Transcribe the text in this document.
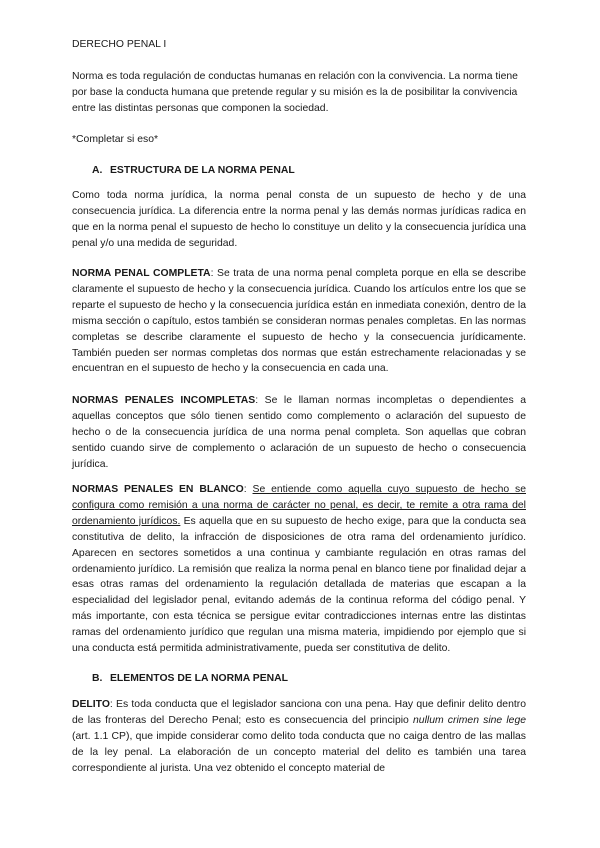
DERECHO PENAL I

Norma es toda regulación de conductas humanas en relación con la convivencia. La norma tiene por base la conducta humana que pretende regular y su misión es la de posibilitar la convivencia entre las distintas personas que componen la sociedad.

*Completar si eso*

A. ESTRUCTURA DE LA NORMA PENAL

Como toda norma jurídica, la norma penal consta de un supuesto de hecho y de una consecuencia jurídica. La diferencia entre la norma penal y las demás normas jurídicas radica en que en la norma penal el supuesto de hecho lo constituye un delito y la consecuencia jurídica una penal y/o una medida de seguridad.

NORMA PENAL COMPLETA: Se trata de una norma penal completa porque en ella se describe claramente el supuesto de hecho y la consecuencia jurídica. Cuando los artículos entre los que se reparte el supuesto de hecho y la consecuencia jurídica están en inmediata conexión, dentro de la misma sección o capítulo, estos también se consideran normas penales completas. En las normas completas se describe claramente el supuesto de hecho y la consecuencia jurídicamente. También pueden ser normas completas dos normas que están estrechamente relacionadas y se encuentran en el supuesto de hecho y la consecuencia en cada una.

NORMAS PENALES INCOMPLETAS: Se le llaman normas incompletas o dependientes a aquellas conceptos que sólo tienen sentido como complemento o aclaración del supuesto de hecho o de la consecuencia jurídica de una norma penal completa. Son aquellas que cobran sentido cuando sirve de complemento o aclaración de un supuesto de hecho o consecuencia jurídica.

NORMAS PENALES EN BLANCO: Se entiende como aquella cuyo supuesto de hecho se configura como remisión a una norma de carácter no penal, es decir, te remite a otra rama del ordenamiento jurídicos. Es aquella que en su supuesto de hecho exige, para que la conducta sea constitutiva de delito, la infracción de disposiciones de otra rama del ordenamiento jurídico. Aparecen en sectores sometidos a una continua y cambiante regulación en otras ramas del ordenamiento jurídico. La remisión que realiza la norma penal en blanco tiene por finalidad dejar a esas otras ramas del ordenamiento la regulación detallada de materias que escapan a la especialidad del legislador penal, evitando además de la continua reforma del código penal. Y más importante, con esta técnica se persigue evitar contradicciones internas entre las distintas ramas del ordenamiento jurídico que regulan una misma materia, impidiendo por ejemplo que si una conducta está permitida administrativamente, pueda ser constitutiva de delito.

B. ELEMENTOS DE LA NORMA PENAL

DELITO: Es toda conducta que el legislador sanciona con una pena. Hay que definir delito dentro de las fronteras del Derecho Penal; esto es consecuencia del principio nullum crimen sine lege (art. 1.1 CP), que impide considerar como delito toda conducta que no caiga dentro de las mallas de la ley penal. La elaboración de un concepto material del delito es también una tarea correspondiente al jurista. Una vez obtenido el concepto material de
